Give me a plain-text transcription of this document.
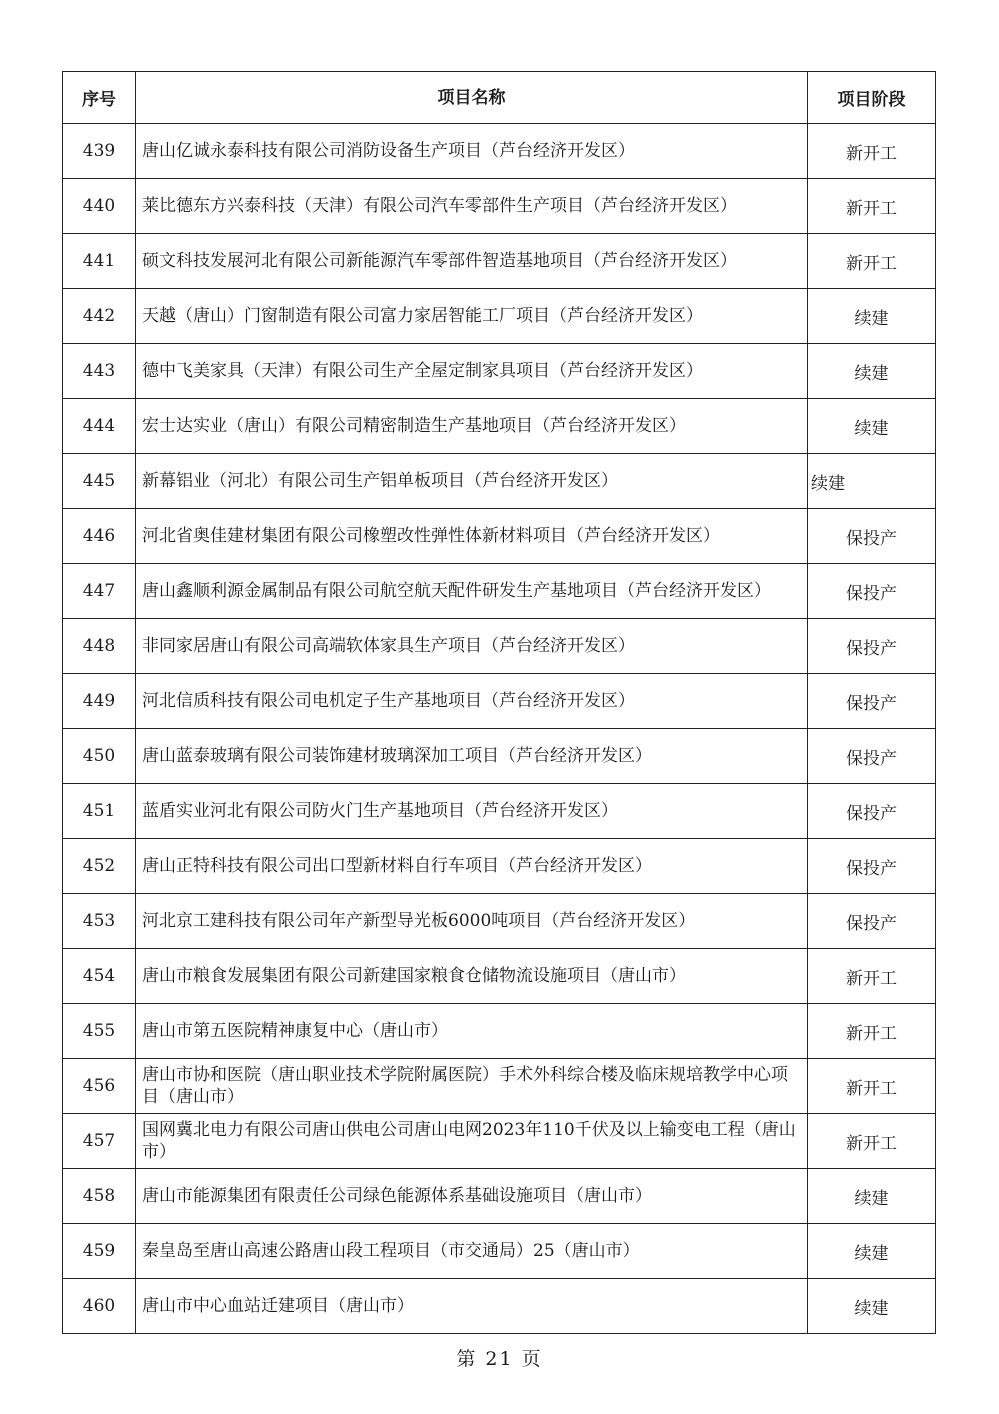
序号	项目名称	项目阶段
439	唐山亿诚永泰科技有限公司消防设备生产项目（芦台经济开发区）	新开工
440	莱比德东方兴泰科技（天津）有限公司汽车零部件生产项目（芦台经济开发区）	新开工
441	硕文科技发展河北有限公司新能源汽车零部件智造基地项目（芦台经济开发区）	新开工
442	天越（唐山）门窗制造有限公司富力家居智能工厂项目（芦台经济开发区）	续建
443	德中飞美家具（天津）有限公司生产全屋定制家具项目（芦台经济开发区）	续建
444	宏士达实业（唐山）有限公司精密制造生产基地项目（芦台经济开发区）	续建
445	新幕铝业（河北）有限公司生产铝单板项目（芦台经济开发区）	续建
446	河北省奥佳建材集团有限公司橡塑改性弹性体新材料项目（芦台经济开发区）	保投产
447	唐山鑫顺利源金属制品有限公司航空航天配件研发生产基地项目（芦台经济开发区）	保投产
448	非同家居唐山有限公司高端软体家具生产项目（芦台经济开发区）	保投产
449	河北信质科技有限公司电机定子生产基地项目（芦台经济开发区）	保投产
450	唐山蓝泰玻璃有限公司装饰建材玻璃深加工项目（芦台经济开发区）	保投产
451	蓝盾实业河北有限公司防火门生产基地项目（芦台经济开发区）	保投产
452	唐山正特科技有限公司出口型新材料自行车项目（芦台经济开发区）	保投产
453	河北京工建科技有限公司年产新型导光板6000吨项目（芦台经济开发区）	保投产
454	唐山市粮食发展集团有限公司新建国家粮食仓储物流设施项目（唐山市）	新开工
455	唐山市第五医院精神康复中心（唐山市）	新开工
456	唐山市协和医院（唐山职业技术学院附属医院）手术外科综合楼及临床规培教学中心项目（唐山市）	新开工
457	国网冀北电力有限公司唐山供电公司唐山电网2023年110千伏及以上输变电工程（唐山市）	新开工
458	唐山市能源集团有限责任公司绿色能源体系基础设施项目（唐山市）	续建
459	秦皇岛至唐山高速公路唐山段工程项目（市交通局）25（唐山市）	续建
460	唐山市中心血站迁建项目（唐山市）	续建
第 21 页
